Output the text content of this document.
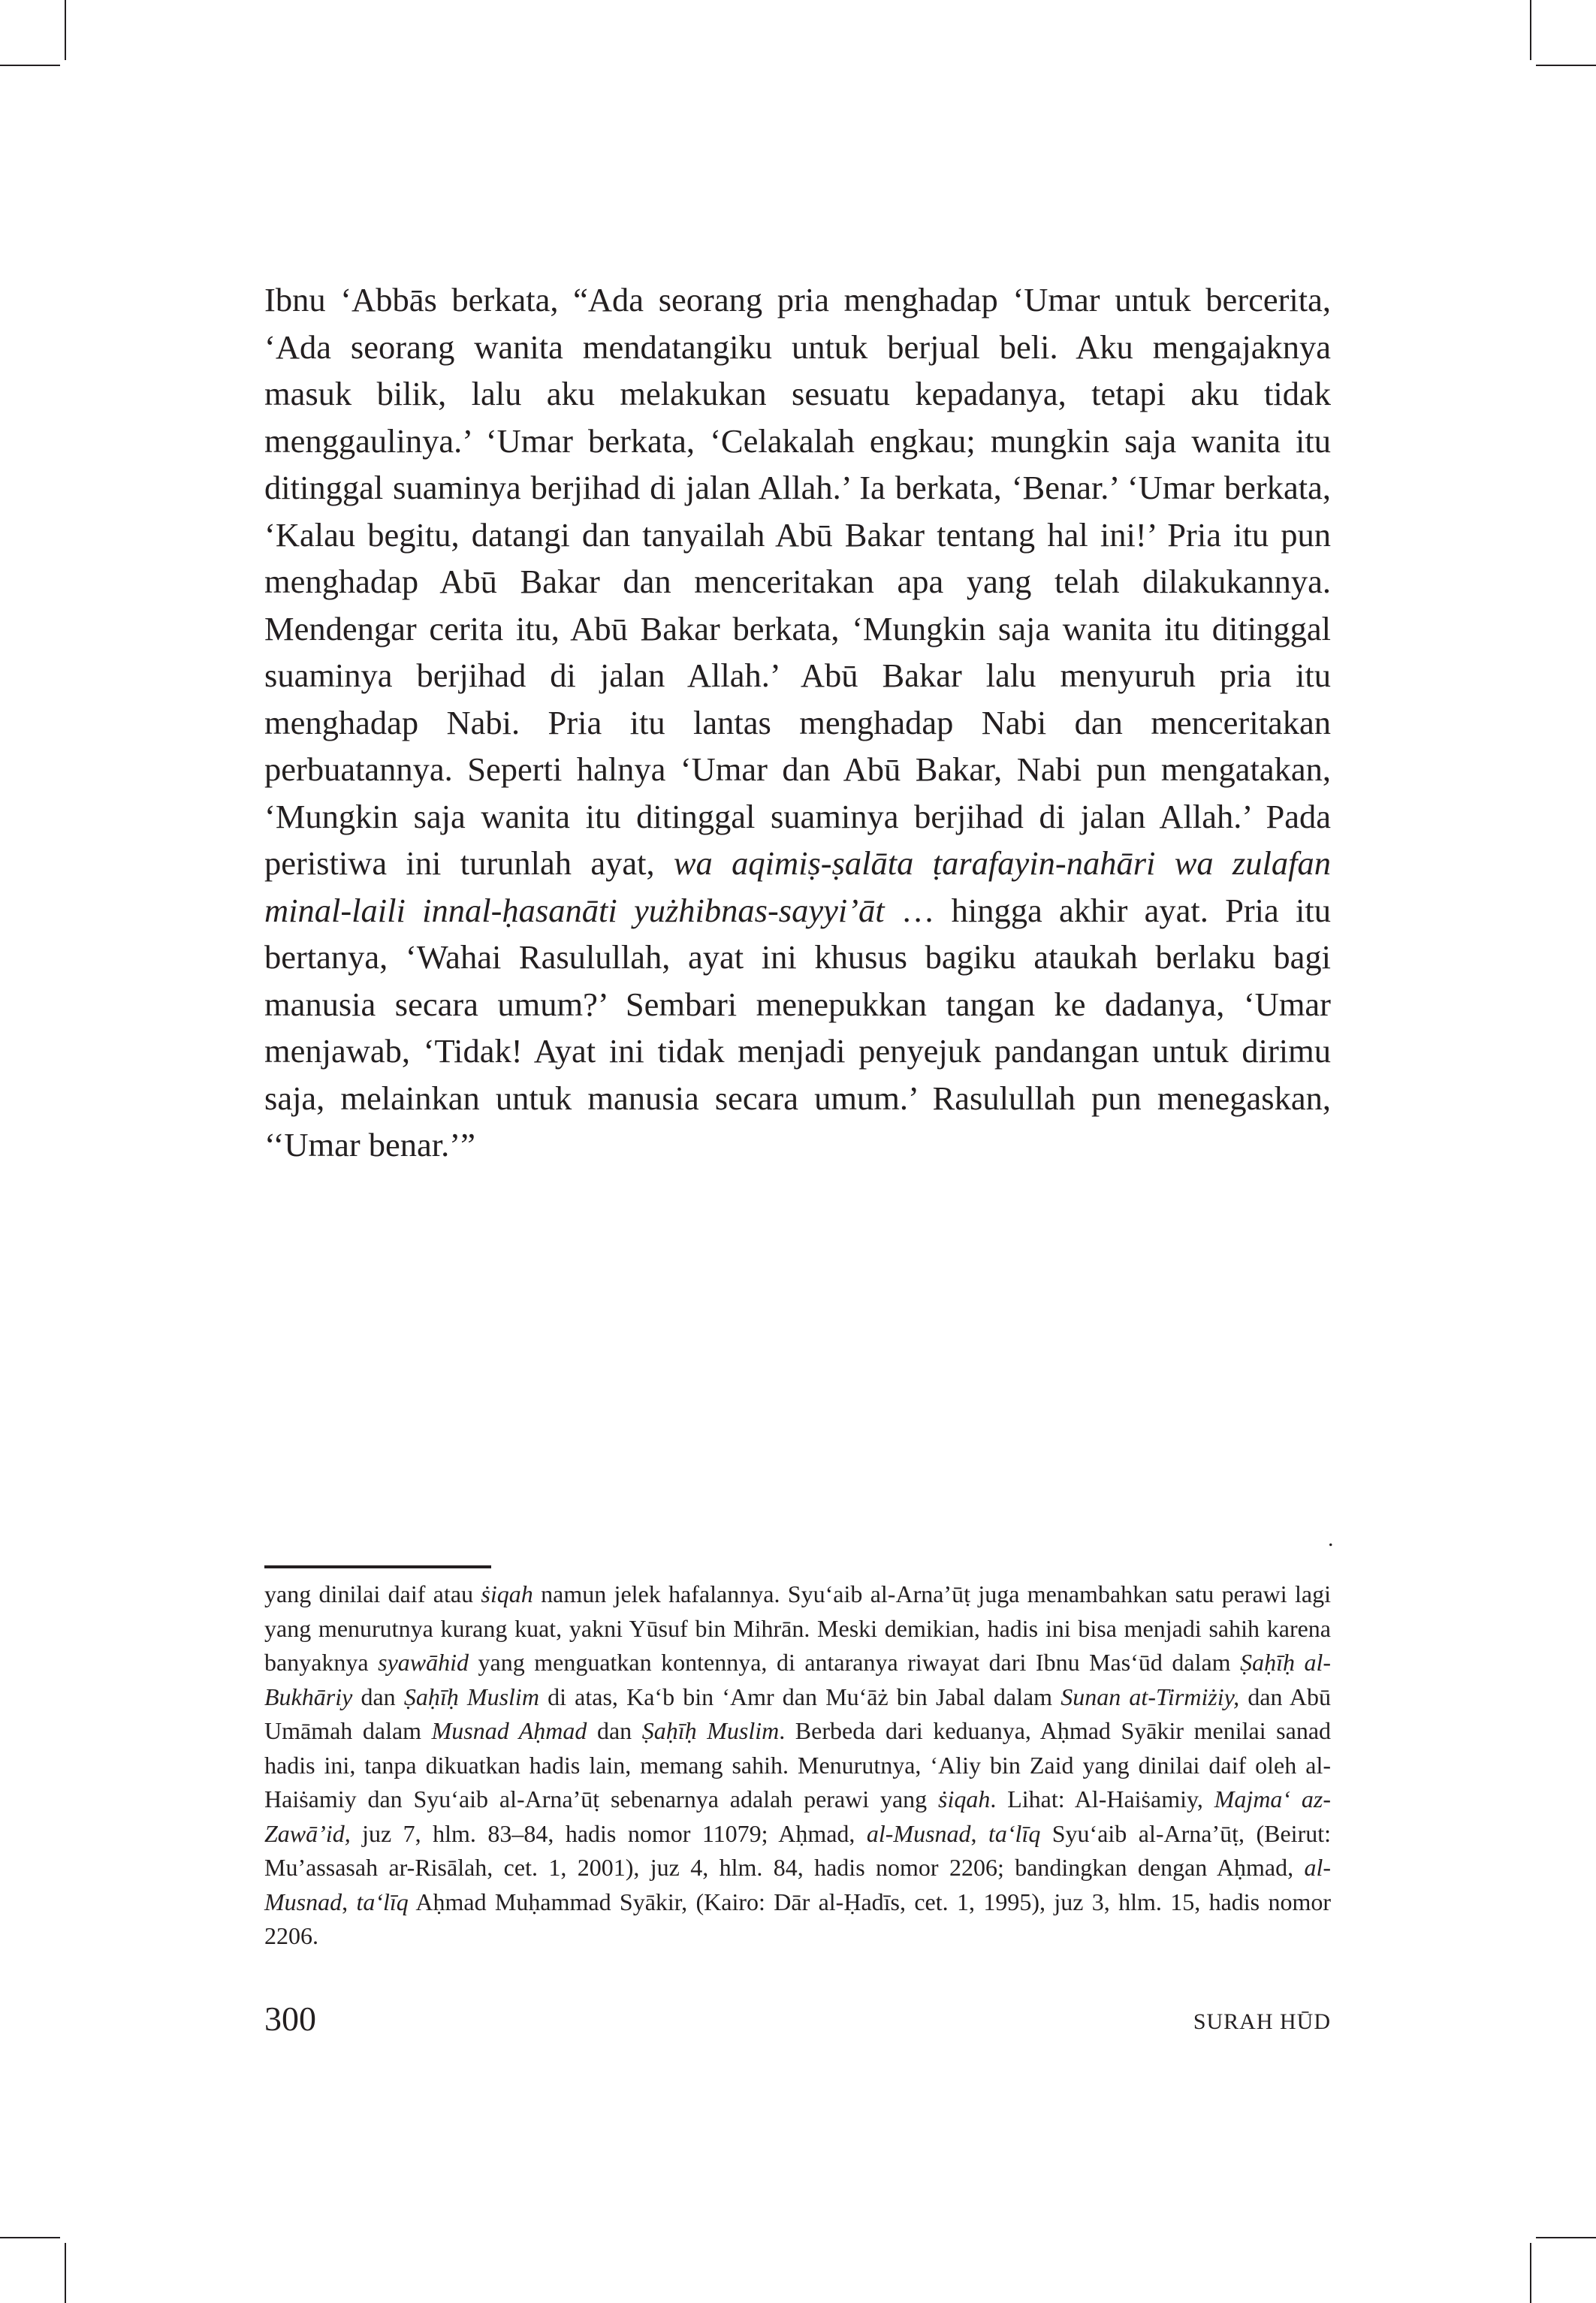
Ibnu ‘Abbās berkata, “Ada seorang pria menghadap ‘Umar untuk bercerita, ‘Ada seorang wanita mendatangiku untuk berjual beli. Aku mengajaknya masuk bilik, lalu aku melakukan sesuatu kepadanya, tetapi aku tidak menggaulinya.’ ‘Umar berkata, ‘Celakalah engkau; mungkin saja wanita itu ditinggal suaminya berjihad di jalan Allah.’ Ia berkata, ‘Benar.’ ‘Umar berkata, ‘Kalau begitu, datangi dan tanyailah Abū Bakar tentang hal ini!’ Pria itu pun menghadap Abū Bakar dan menceritakan apa yang telah dilakukannya. Mendengar cerita itu, Abū Bakar berkata, ‘Mungkin saja wanita itu ditinggal suaminya berjihad di jalan Allah.’ Abū Bakar lalu menyuruh pria itu menghadap Nabi. Pria itu lantas menghadap Nabi dan menceritakan perbuatannya. Seperti halnya ‘Umar dan Abū Bakar, Nabi pun mengatakan, ‘Mungkin saja wanita itu ditinggal suaminya berjihad di jalan Allah.’ Pada peristiwa ini turunlah ayat, wa aqimiṣ-ṣalāta ṭarafayin-nahāri wa zulafan minal-laili innal-ḥasanāti yużhibnas-sayyi’āt … hingga akhir ayat. Pria itu bertanya, ‘Wahai Rasulullah, ayat ini khusus bagiku ataukah berlaku bagi manusia secara umum?’ Sembari menepukkan tangan ke dadanya, ‘Umar menjawab, ‘Tidak! Ayat ini tidak menjadi penyejuk pandangan untuk dirimu saja, melainkan untuk manusia secara umum.’ Rasulullah pun menegaskan, ‘‘Umar benar.’”

.
yang dinilai daif atau ṡiqah namun jelek hafalannya. Syu‘aib al-Arna’ūṭ juga menambahkan satu perawi lagi yang menurutnya kurang kuat, yakni Yūsuf bin Mihrān. Meski demikian, hadis ini bisa menjadi sahih karena banyaknya syawāhid yang menguatkan kontennya, di antaranya riwayat dari Ibnu Mas‘ūd dalam Ṣaḥīḥ al-Bukhāriy dan Ṣaḥīḥ Muslim di atas, Ka‘b bin ‘Amr dan Mu‘āż bin Jabal dalam Sunan at-Tirmiżiy, dan Abū Umāmah dalam Musnad Aḥmad dan Ṣaḥīḥ Muslim. Berbeda dari keduanya, Aḥmad Syākir menilai sanad hadis ini, tanpa dikuatkan hadis lain, memang sahih. Menurutnya, ‘Aliy bin Zaid yang dinilai daif oleh al-Haiṡamiy dan Syu‘aib al-Arna’ūṭ sebenarnya adalah perawi yang ṡiqah. Lihat: Al-Haiṡamiy, Majma‘ az-Zawā’id, juz 7, hlm. 83–84, hadis nomor 11079; Aḥmad, al-Musnad, ta‘līq Syu‘aib al-Arna’ūṭ, (Beirut: Mu’assasah ar-Risālah, cet. 1, 2001), juz 4, hlm. 84, hadis nomor 2206; bandingkan dengan Aḥmad, al-Musnad, ta‘līq Aḥmad Muḥammad Syākir, (Kairo: Dār al-Ḥadīs, cet. 1, 1995), juz 3, hlm. 15, hadis nomor 2206.
300	SURAH HŪD
